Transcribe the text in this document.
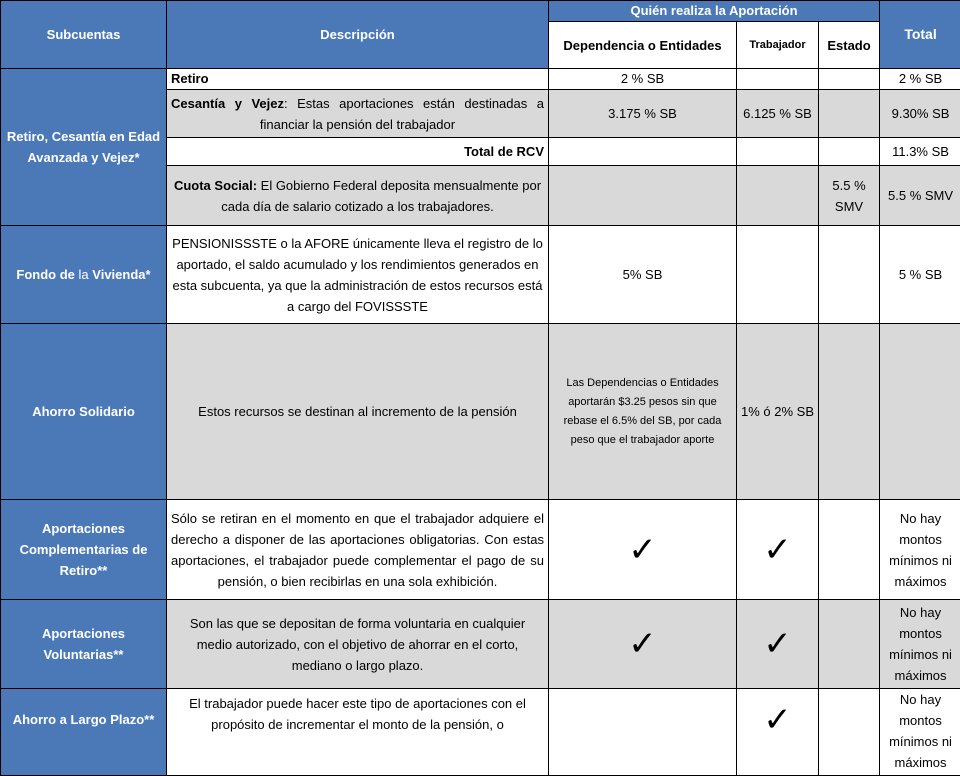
Subcuentas	Descripción	Quién realiza la Aportación			Total
		Dependencia o Entidades	Trabajador	Estado	
Retiro, Cesantía en Edad Avanzada y Vejez*	Retiro	2 % SB			2 % SB
	Cesantía y Vejez: Estas aportaciones están destinadas a financiar la pensión del trabajador	3.175 % SB	6.125 % SB		9.30% SB
	Total de RCV				11.3% SB
	Cuota Social: El Gobierno Federal deposita mensualmente por cada día de salario cotizado a los trabajadores.			5.5 % SMV	5.5 % SMV
Fondo de la Vivienda*	PENSIONISSSTE o la AFORE únicamente lleva el registro de lo aportado, el saldo acumulado y los rendimientos generados en esta subcuenta, ya que la administración de estos recursos está a cargo del FOVISSSTE	5% SB			5 % SB
Ahorro Solidario	Estos recursos se destinan al incremento de la pensión	Las Dependencias o Entidades aportarán $3.25 pesos sin que rebase el 6.5% del SB, por cada peso que el trabajador aporte	1% ó 2% SB		
Aportaciones Complementarias de Retiro**	Sólo se retiran en el momento en que el trabajador adquiere el derecho a disponer de las aportaciones obligatorias. Con estas aportaciones, el trabajador puede complementar el pago de su pensión, o bien recibirlas en una sola exhibición.	✓	✓		No hay montos mínimos ni máximos
Aportaciones Voluntarias**	Son las que se depositan de forma voluntaria en cualquier medio autorizado, con el objetivo de ahorrar en el corto, mediano o largo plazo.	✓	✓		No hay montos mínimos ni máximos
Ahorro a Largo Plazo**	El trabajador puede hacer este tipo de aportaciones con el propósito de incrementar el monto de la pensión, o		✓		No hay montos mínimos ni máximos
